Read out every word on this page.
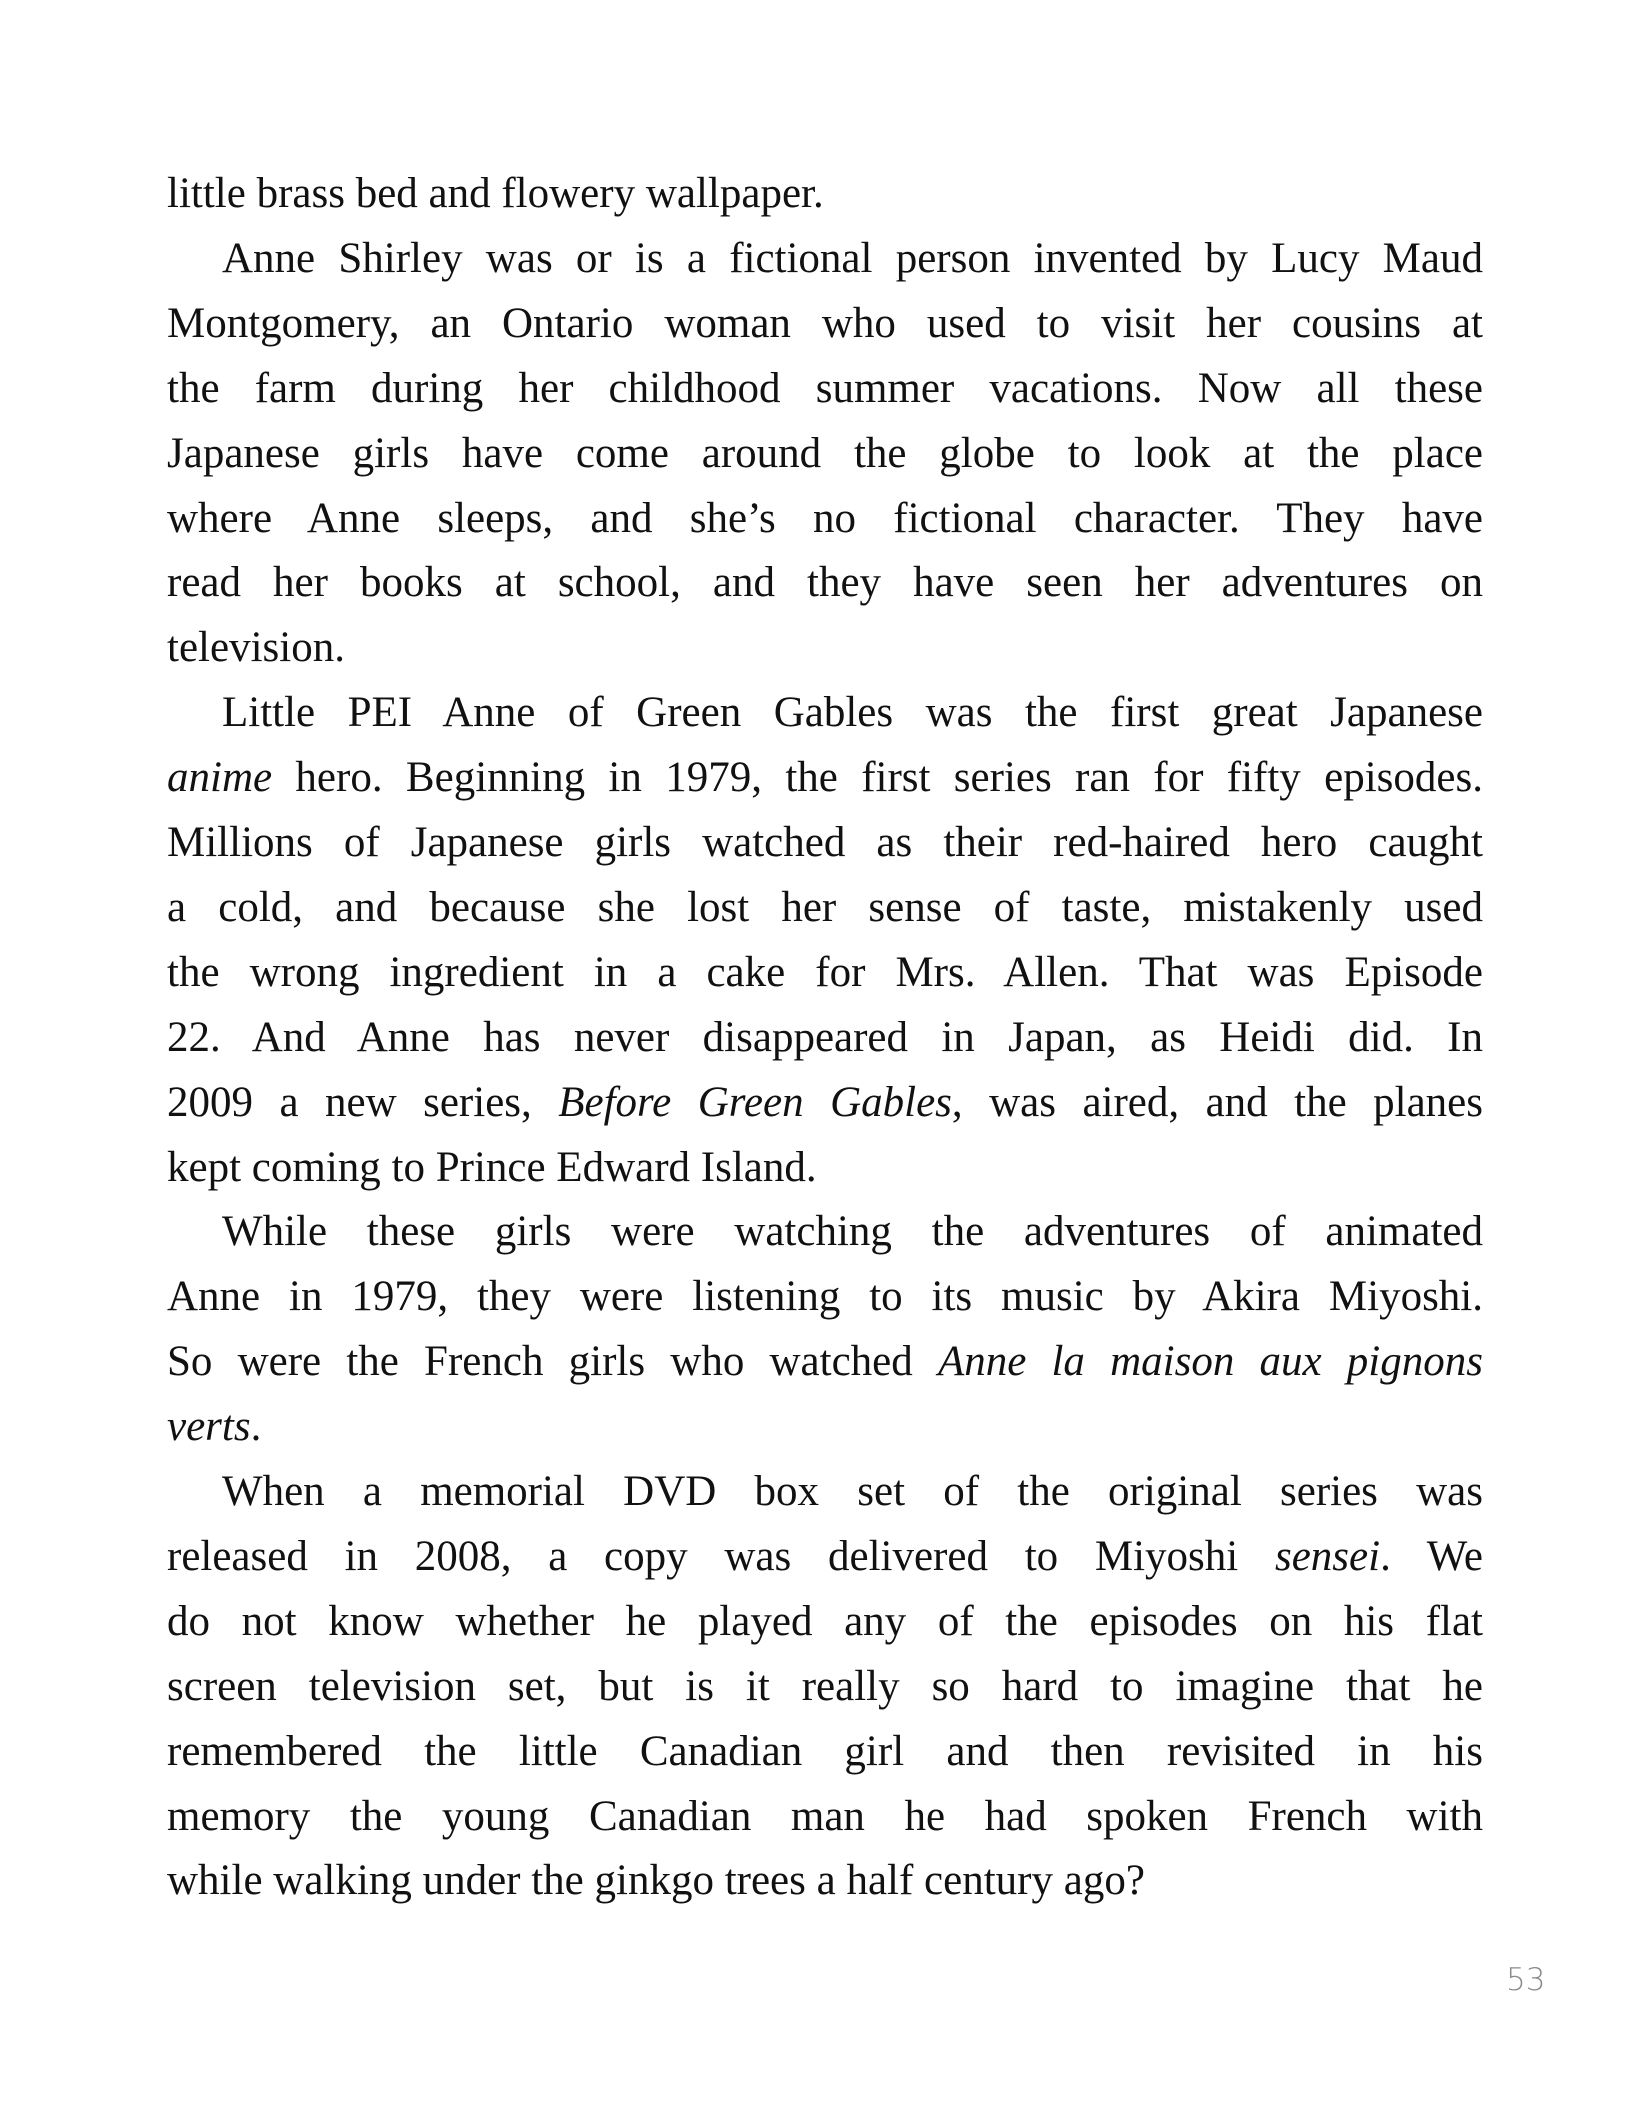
little brass bed and flowery wallpaper.
Anne Shirley was or is a fictional person invented by Lucy Maud
Montgomery, an Ontario woman who used to visit her cousins at
the farm during her childhood summer vacations. Now all these
Japanese girls have come around the globe to look at the place
where Anne sleeps, and she’s no fictional character. They have
read her books at school, and they have seen her adventures on
television.
Little PEI Anne of Green Gables was the first great Japanese
anime hero. Beginning in 1979, the first series ran for fifty episodes.
Millions of Japanese girls watched as their red-haired hero caught
a cold, and because she lost her sense of taste, mistakenly used
the wrong ingredient in a cake for Mrs. Allen. That was Episode
22. And Anne has never disappeared in Japan, as Heidi did. In
2009 a new series, Before Green Gables, was aired, and the planes
kept coming to Prince Edward Island.
While these girls were watching the adventures of animated
Anne in 1979, they were listening to its music by Akira Miyoshi.
So were the French girls who watched Anne la maison aux pignons
verts.
When a memorial DVD box set of the original series was
released in 2008, a copy was delivered to Miyoshi sensei. We
do not know whether he played any of the episodes on his flat
screen television set, but is it really so hard to imagine that he
remembered the little Canadian girl and then revisited in his
memory the young Canadian man he had spoken French with
while walking under the ginkgo trees a half century ago?
53
